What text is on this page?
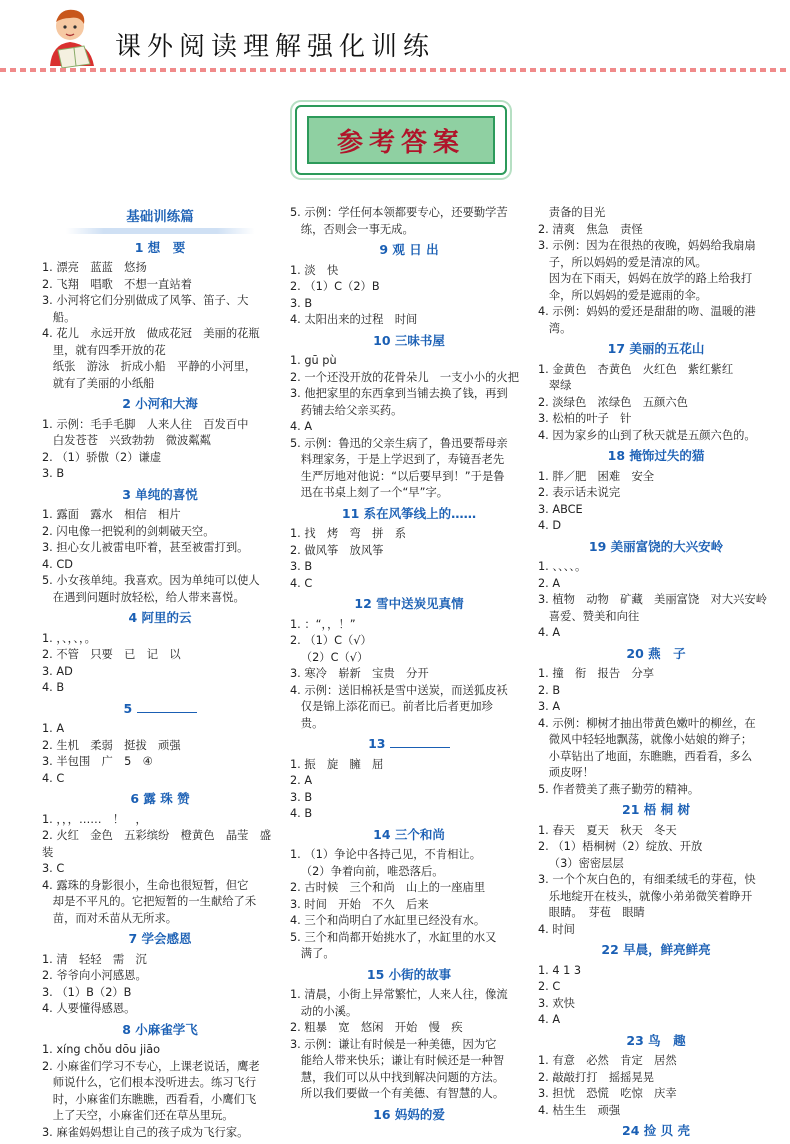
课外阅读理解强化训练
参考答案
基础训练篇
1 想　要
1. 漂亮　蓝蓝　悠扬
2. 飞翔　唱歌　不想一直站着
3. 小河将它们分别做成了风筝、笛子、大
船。
4. 花儿　永远开放　做成花冠　美丽的花瓶
里，就有四季开放的花
纸张　游泳　折成小船　平静的小河里，
就有了美丽的小纸船
2 小河和大海
1. 示例：毛手毛脚　人来人往　百发百中
白发苍苍　兴致勃勃　微波粼粼
2. （1）骄傲（2）谦虚
3. B
3 单纯的喜悦
1. 露面　露水　相信　相片
2. 闪电像一把锐利的剑刺破天空。
3. 担心女儿被雷电吓着，甚至被雷打到。
4. CD
5. 小女孩单纯。我喜欢。因为单纯可以使人
在遇到问题时放轻松，给人带来喜悦。
4 阿里的云
1. ，、，、，。
2. 不管　只要　已　记　以
3. AD
4. B
5
1. A
2. 生机　柔弱　挺拔　顽强
3. 半包围　广　5　④
4. C
6 露 珠 赞
1. ，，，……　！　，
2. 火红　金色　五彩缤纷　橙黄色　晶莹　盛装
3. C
4. 露珠的身影很小，生命也很短暂，但它
却是不平凡的。它把短暂的一生献给了禾
苗，而对禾苗从无所求。
7 学会感恩
1. 清　轻轻　需　沉
2. 爷爷向小河感恩。
3. （1）B（2）B
4. 人要懂得感恩。
8 小麻雀学飞
1. xíng chǒu dōu jiāo
2. 小麻雀们学习不专心，上课老说话，鹰老
师说什么，它们根本没听进去。练习飞行
时，小麻雀们东瞧瞧，西看看，小鹰们飞
上了天空，小麻雀们还在草丛里玩。
3. 麻雀妈妈想让自己的孩子成为飞行家。
5. 示例：学任何本领都要专心，还要勤学苦
练，否则会一事无成。
9 观 日 出
1. 淡　快
2. （1）C（2）B
3. B
4. 太阳出来的过程　时间
10 三味书屋
1. gū pù
2. 一个还没开放的花骨朵儿　一支小小的火把
3. 他把家里的东西拿到当铺去换了钱，再到
药铺去给父亲买药。
4. A
5. 示例：鲁迅的父亲生病了，鲁迅要帮母亲
料理家务，于是上学迟到了，寿镜吾老先
生严厉地对他说：“以后要早到！”于是鲁
迅在书桌上刻了一个“早”字。
11 系在风筝线上的……
1. 找　烤　弯　拼　系
2. 做风筝　放风筝
3. B
4. C
12 雪中送炭见真情
1. ：“，，！”
2. （1）C（√）
（2）C（√）
3. 寒冷　崭新　宝贵　分开
4. 示例：送旧棉袄是雪中送炭，而送狐皮袄
仅是锦上添花而已。前者比后者更加珍
贵。
13
1. 振　旋　臃　屈
2. A
3. B
4. B
14 三个和尚
1. （1）争论中各持己见，不肯相让。
（2）争着向前，唯恐落后。
2. 古时候　三个和尚　山上的一座庙里
3. 时间　开始　不久　后来
4. 三个和尚明白了水缸里已经没有水。
5. 三个和尚都开始挑水了，水缸里的水又
满了。
15 小街的故事
1. 清晨，小街上异常繁忙，人来人往，像流
动的小溪。
2. 粗暴　宽　悠闲　开始　慢　疾
3. 示例：谦让有时候是一种美德，因为它
能给人带来快乐；谦让有时候还是一种智
慧，我们可以从中找到解决问题的方法。
所以我们要做一个有美德、有智慧的人。
16 妈妈的爱
责备的目光
2. 清爽　焦急　责怪
3. 示例：因为在很热的夜晚，妈妈给我扇扇
子，所以妈妈的爱是清凉的风。
因为在下雨天，妈妈在放学的路上给我打
伞，所以妈妈的爱是遮雨的伞。
4. 示例：妈妈的爱还是甜甜的吻、温暖的港
湾。
17 美丽的五花山
1. 金黄色　杏黄色　火红色　紫红紫红
翠绿
2. 淡绿色　浓绿色　五颜六色
3. 松柏的叶子　针
4. 因为家乡的山到了秋天就是五颜六色的。
18 掩饰过失的猫
1. 胖／肥　困难　安全
2. 表示话未说完
3. ABCE
4. D
19 美丽富饶的大兴安岭
1. 、、、、。
2. A
3. 植物　动物　矿藏　美丽富饶　对大兴安岭
喜爱、赞美和向往
4. A
20 燕　子
1. 撞　衔　报告　分享
2. B
3. A
4. 示例：柳树才抽出带黄色嫩叶的柳丝，在
微风中轻轻地飘荡，就像小姑娘的辫子；
小草钻出了地面，东瞧瞧，西看看，多么
顽皮呀！
5. 作者赞美了燕子勤劳的精神。
21 梧 桐 树
1. 春天　夏天　秋天　冬天
2. （1）梧桐树（2）绽放、开放
（3）密密层层
3. 一个个灰白色的，有细柔绒毛的芽苞，快
乐地绽开在枝头，就像小弟弟微笑着睁开
眼睛。　芽苞　眼睛
4. 时间
22 早晨，鲜亮鲜亮
1. 4 1 3
2. C
3. 欢快
4. A
23 鸟　趣
1. 有意　必然　肯定　居然
2. 敲敲打打　摇摇晃晃
3. 担忧　恐慌　吃惊　庆幸
4. 枯生生　顽强
24 捡 贝 壳
